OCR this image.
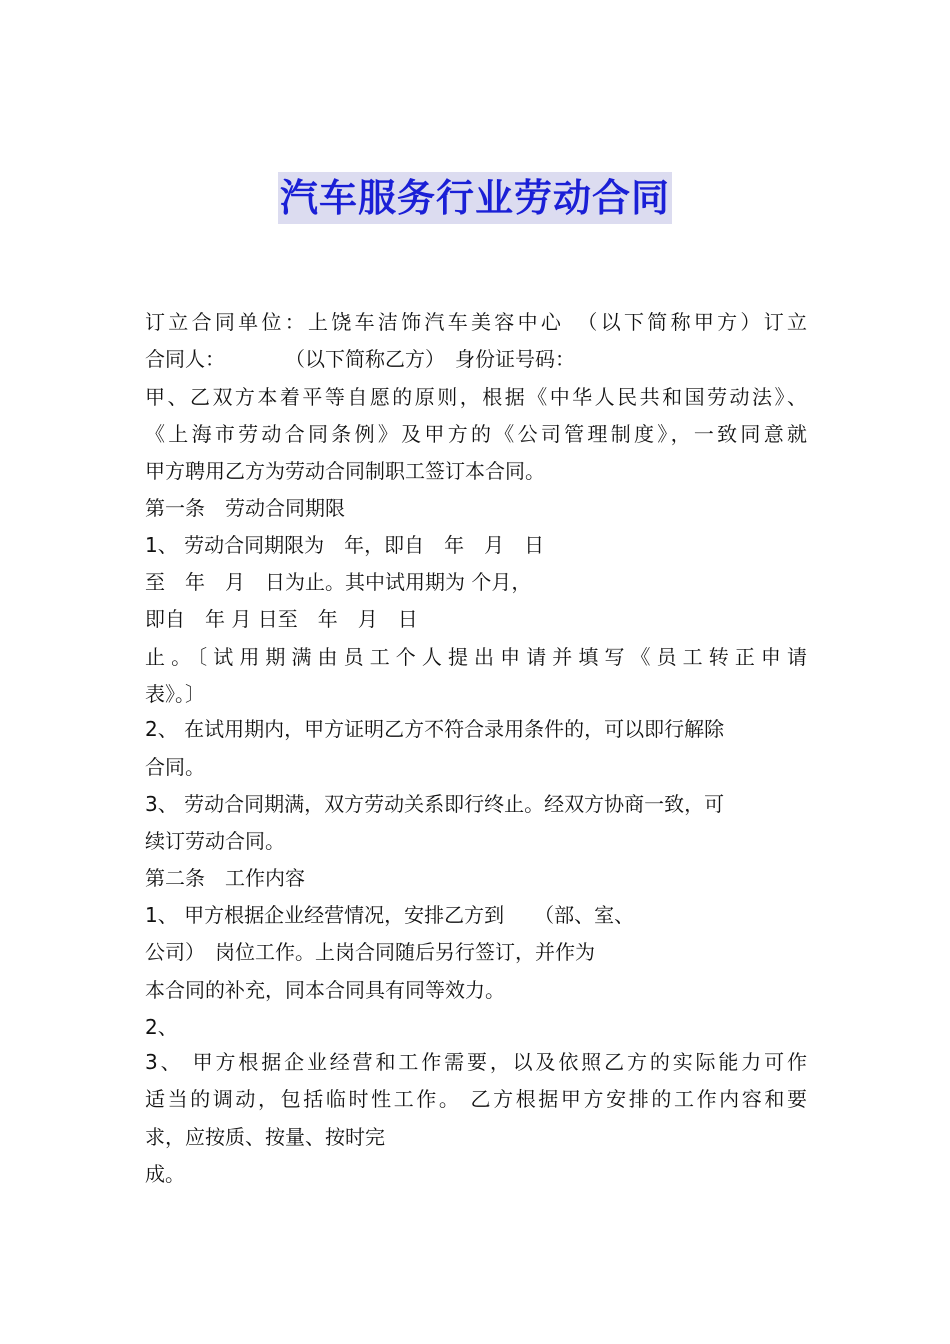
汽车服务行业劳动合同
订立合同单位：上饶车洁饰汽车美容中心　（以下简称甲方）订立
合同人：　　　　（以下简称乙方）　身份证号码：
甲、乙双方本着平等自愿的原则，根据《中华人民共和国劳动法》、
《上海市劳动合同条例》及甲方的《公司管理制度》，一致同意就
甲方聘用乙方为劳动合同制职工签订本合同。
第一条　劳动合同期限
1、 劳动合同期限为　年，即自　年　月　日
至　年　月　日为止。其中试用期为 个月，
即自　年 月 日至　年　月　日
止。〔试用期满由员工个人提出申请并填写《员工转正申请
表》。〕
2、 在试用期内，甲方证明乙方不符合录用条件的，可以即行解除
合同。
3、 劳动合同期满，双方劳动关系即行终止。经双方协商一致，可
续订劳动合同。
第二条　工作内容
1、 甲方根据企业经营情况，安排乙方到　　（部、室、
公司）　岗位工作。上岗合同随后另行签订，并作为
本合同的补充，同本合同具有同等效力。
2、
3、 甲方根据企业经营和工作需要，以及依照乙方的实际能力可作
适当的调动，包括临时性工作。 乙方根据甲方安排的工作内容和要
求，应按质、按量、按时完
成。
